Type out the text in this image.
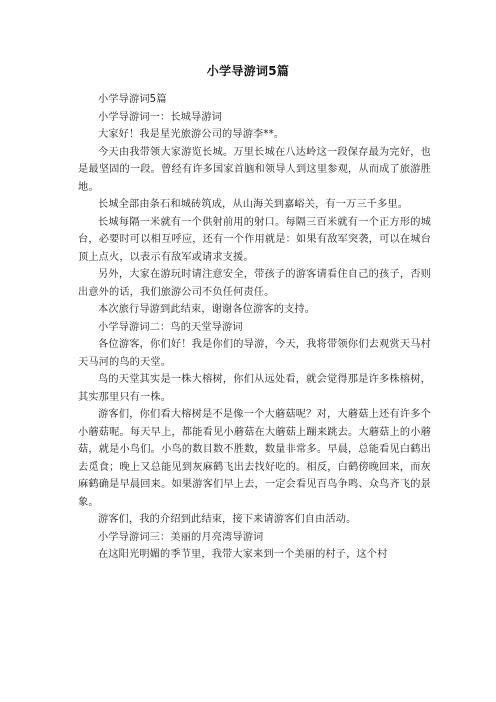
小学导游词5篇

小学导游词5篇

小学导游词一：长城导游词

大家好！我是星光旅游公司的导游李**。

今天由我带领大家游览长城。万里长城在八达岭这一段保存最为完好，也是最坚固的一段。曾经有许多国家首脑和领导人到这里参观，从而成了旅游胜地。

长城全部由条石和城砖筑成，从山海关到嘉峪关，有一万三千多里。

长城每隔一米就有一个供射前用的射口。每隔三百米就有一个正方形的城台，必要时可以相互呼应，还有一个作用就是：如果有敌军突袭，可以在城台顶上点火，以表示有敌军或请求支援。

另外，大家在游玩时请注意安全，带孩子的游客请看住自己的孩子，否则出意外的话，我们旅游公司不负任何责任。

本次旅行导游到此结束，谢谢各位游客的支持。

小学导游词二：鸟的天堂导游词

各位游客，你们好！我是你们的导游，今天，我将带领你们去观赏天马村天马河的鸟的天堂。

鸟的天堂其实是一株大榕树，你们从远处看，就会觉得那是许多株榕树，其实那里只有一株。

游客们，你们看大榕树是不是像一个大蘑菇呢？对，大蘑菇上还有许多个小蘑菇呢。每天早上，都能看见小蘑菇在大蘑菇上蹦来跳去。大蘑菇上的小蘑菇，就是小鸟们。小鸟的数目数不胜数，数量非常多。早晨，总能看见白鹤出去觅食；晚上又总能见到灰麻鹤飞出去找好吃的。相反，白鹤傍晚回来，而灰麻鹤确是早晨回来。如果游客们早上去，一定会看见百鸟争鸣、众鸟齐飞的景象。

游客们，我的介绍到此结束，接下来请游客们自由活动。

小学导游词三：美丽的月亮湾导游词

在这阳光明媚的季节里，我带大家来到一个美丽的村子，这个村
